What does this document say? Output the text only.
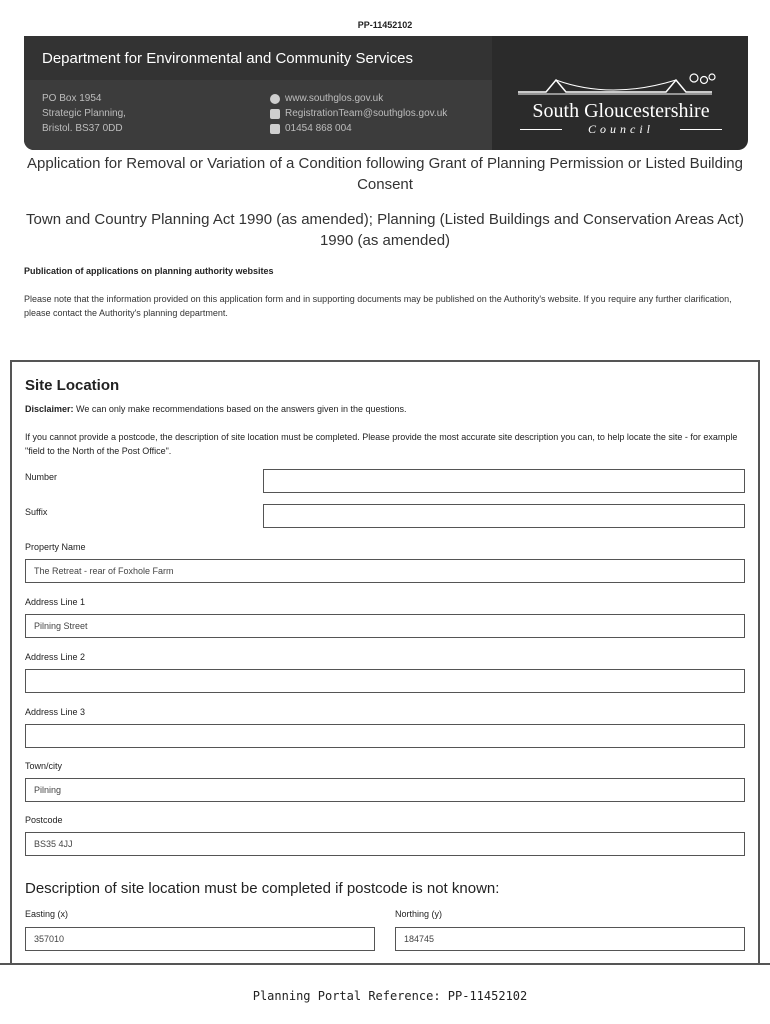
PP-11452102
Department for Environmental and Community Services
PO Box 1954
Strategic Planning,
Bristol. BS37 0DD
www.southglos.gov.uk
RegistrationTeam@southglos.gov.uk
01454 868 004
South Gloucestershire
Council
Application for Removal or Variation of a Condition following Grant of Planning Permission or Listed Building Consent
Town and Country Planning Act 1990 (as amended); Planning (Listed Buildings and Conservation Areas Act) 1990 (as amended)
Publication of applications on planning authority websites
Please note that the information provided on this application form and in supporting documents may be published on the Authority's website. If you require any further clarification, please contact the Authority's planning department.
Site Location
Disclaimer: We can only make recommendations based on the answers given in the questions.
If you cannot provide a postcode, the description of site location must be completed. Please provide the most accurate site description you can, to help locate the site - for example "field to the North of the Post Office".
Number
Suffix
Property Name
The Retreat - rear of Foxhole Farm
Address Line 1
Pilning Street
Address Line 2
Address Line 3
Town/city
Pilning
Postcode
BS35 4JJ
Description of site location must be completed if postcode is not known:
Easting (x)
357010
Northing (y)
184745
Planning Portal Reference: PP-11452102
